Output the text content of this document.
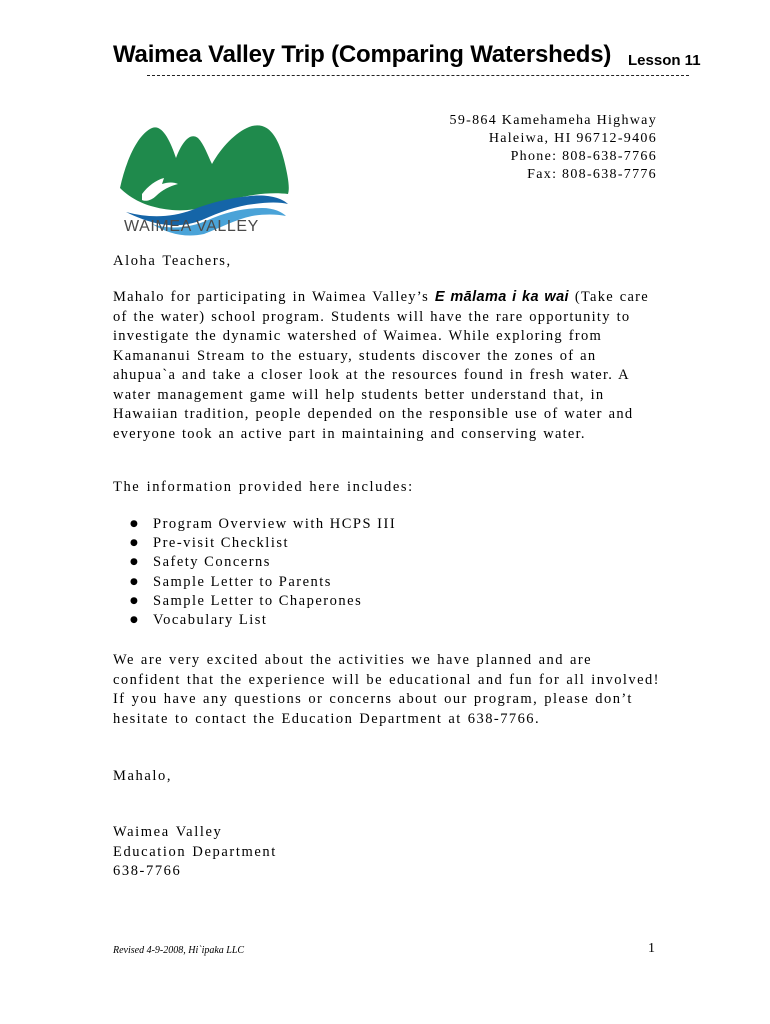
Waimea Valley Trip (Comparing Watersheds) Lesson 11
59-864 Kamehameha Highway
Haleiwa, HI 96712-9406
Phone: 808-638-7766
Fax: 808-638-7776
WAIMEA VALLEY
Aloha Teachers,
Mahalo for participating in Waimea Valley’s E mālama i ka wai (Take care of the water) school program. Students will have the rare opportunity to investigate the dynamic watershed of Waimea. While exploring from Kamananui Stream to the estuary, students discover the zones of an ahupua`a and take a closer look at the resources found in fresh water. A water management game will help students better understand that, in Hawaiian tradition, people depended on the responsible use of water and everyone took an active part in maintaining and conserving water.
The information provided here includes:
● Program Overview with HCPS III
● Pre-visit Checklist
● Safety Concerns
● Sample Letter to Parents
● Sample Letter to Chaperones
● Vocabulary List
We are very excited about the activities we have planned and are confident that the experience will be educational and fun for all involved! If you have any questions or concerns about our program, please don’t hesitate to contact the Education Department at 638-7766.
Mahalo,
Waimea Valley
Education Department
638-7766
Revised 4-9-2008, Hi`ipaka LLC	1
